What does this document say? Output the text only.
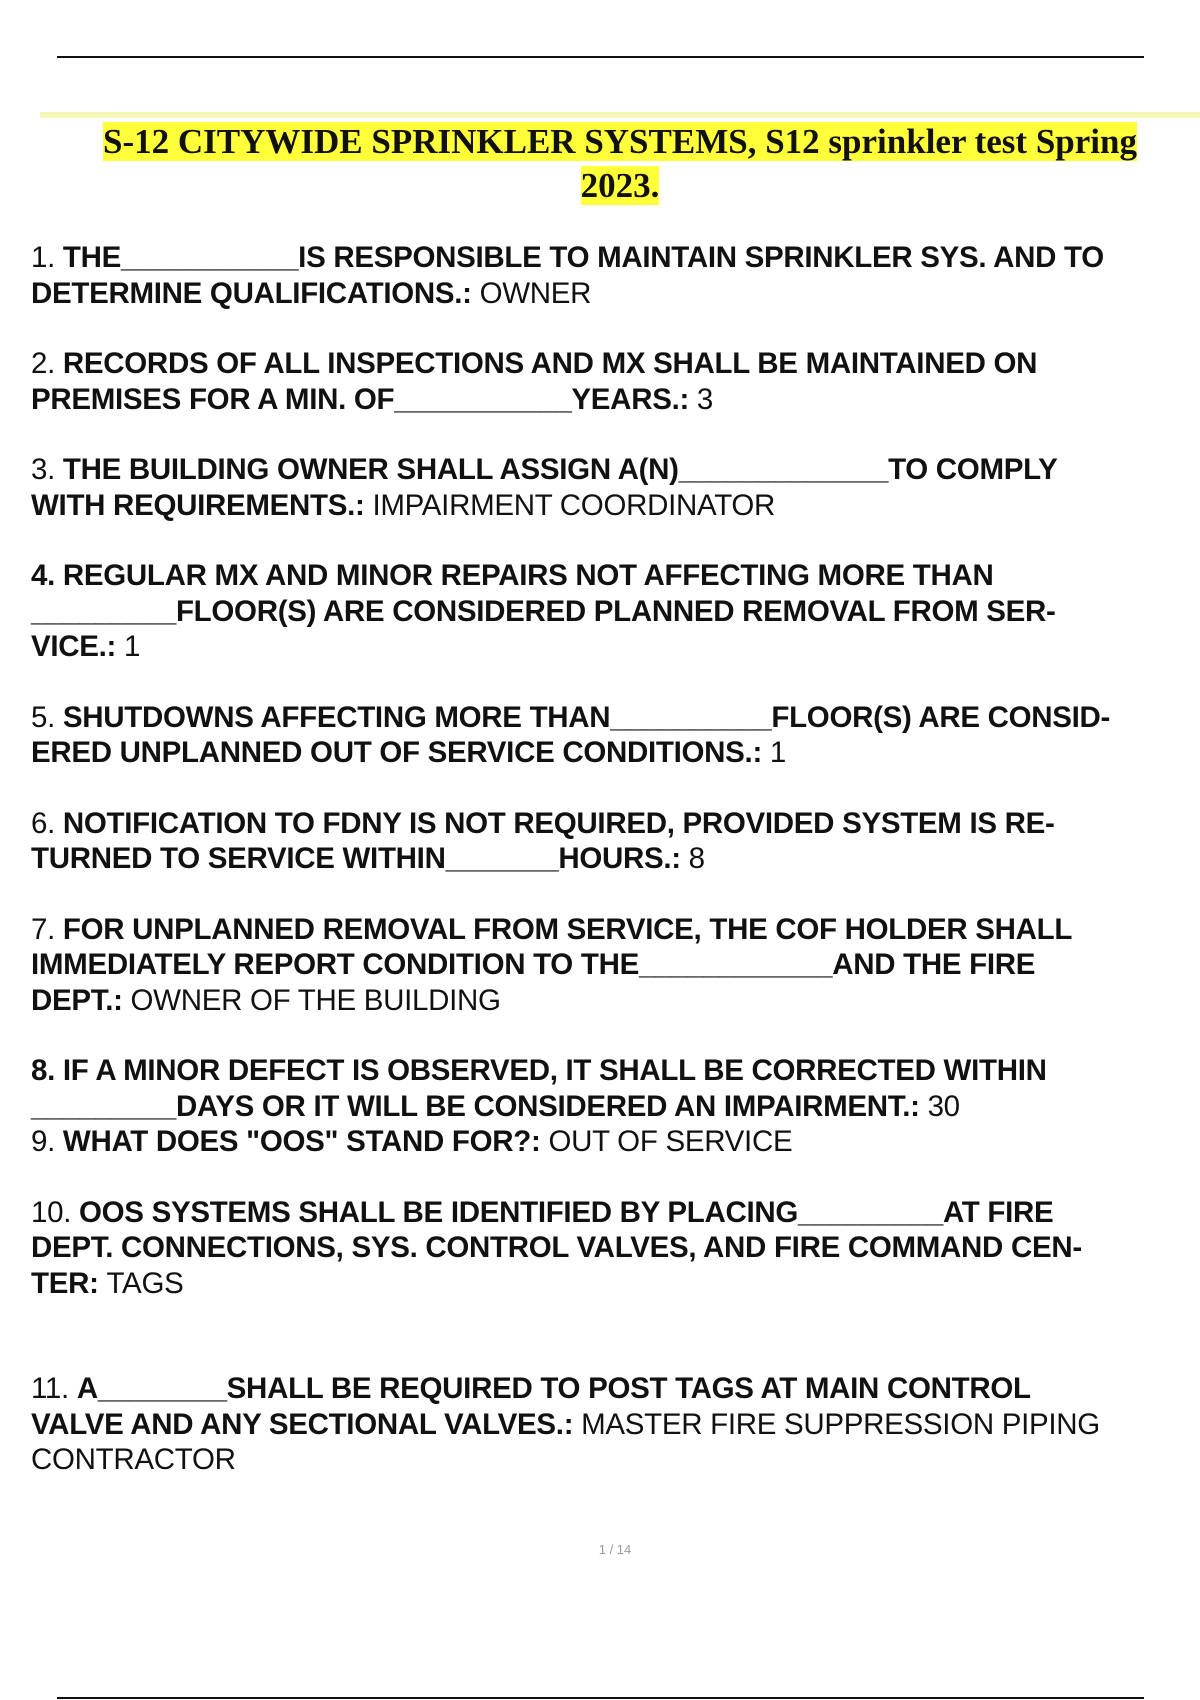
S-12 CITYWIDE SPRINKLER SYSTEMS, S12 sprinkler test Spring
2023.

1. THE___________IS RESPONSIBLE TO MAINTAIN SPRINKLER SYS. AND TO
DETERMINE QUALIFICATIONS.: OWNER

2. RECORDS OF ALL INSPECTIONS AND MX SHALL BE MAINTAINED ON
PREMISES FOR A MIN. OF___________YEARS.: 3

3. THE BUILDING OWNER SHALL ASSIGN A(N)_____________TO COMPLY
WITH REQUIREMENTS.: IMPAIRMENT COORDINATOR

4. REGULAR MX AND MINOR REPAIRS NOT AFFECTING MORE THAN
_________FLOOR(S) ARE CONSIDERED PLANNED REMOVAL FROM SER-
VICE.: 1

5. SHUTDOWNS AFFECTING MORE THAN__________FLOOR(S) ARE CONSID-
ERED UNPLANNED OUT OF SERVICE CONDITIONS.: 1

6. NOTIFICATION TO FDNY IS NOT REQUIRED, PROVIDED SYSTEM IS RE-
TURNED TO SERVICE WITHIN_______HOURS.: 8

7. FOR UNPLANNED REMOVAL FROM SERVICE, THE COF HOLDER SHALL
IMMEDIATELY REPORT CONDITION TO THE____________AND THE FIRE
DEPT.: OWNER OF THE BUILDING

8. IF A MINOR DEFECT IS OBSERVED, IT SHALL BE CORRECTED WITHIN
_________DAYS OR IT WILL BE CONSIDERED AN IMPAIRMENT.: 30

9. WHAT DOES "OOS" STAND FOR?: OUT OF SERVICE

10. OOS SYSTEMS SHALL BE IDENTIFIED BY PLACING_________AT FIRE
DEPT. CONNECTIONS, SYS. CONTROL VALVES, AND FIRE COMMAND CEN-
TER: TAGS

11. A________SHALL BE REQUIRED TO POST TAGS AT MAIN CONTROL
VALVE AND ANY SECTIONAL VALVES.: MASTER FIRE SUPPRESSION PIPING
CONTRACTOR

1 / 14
